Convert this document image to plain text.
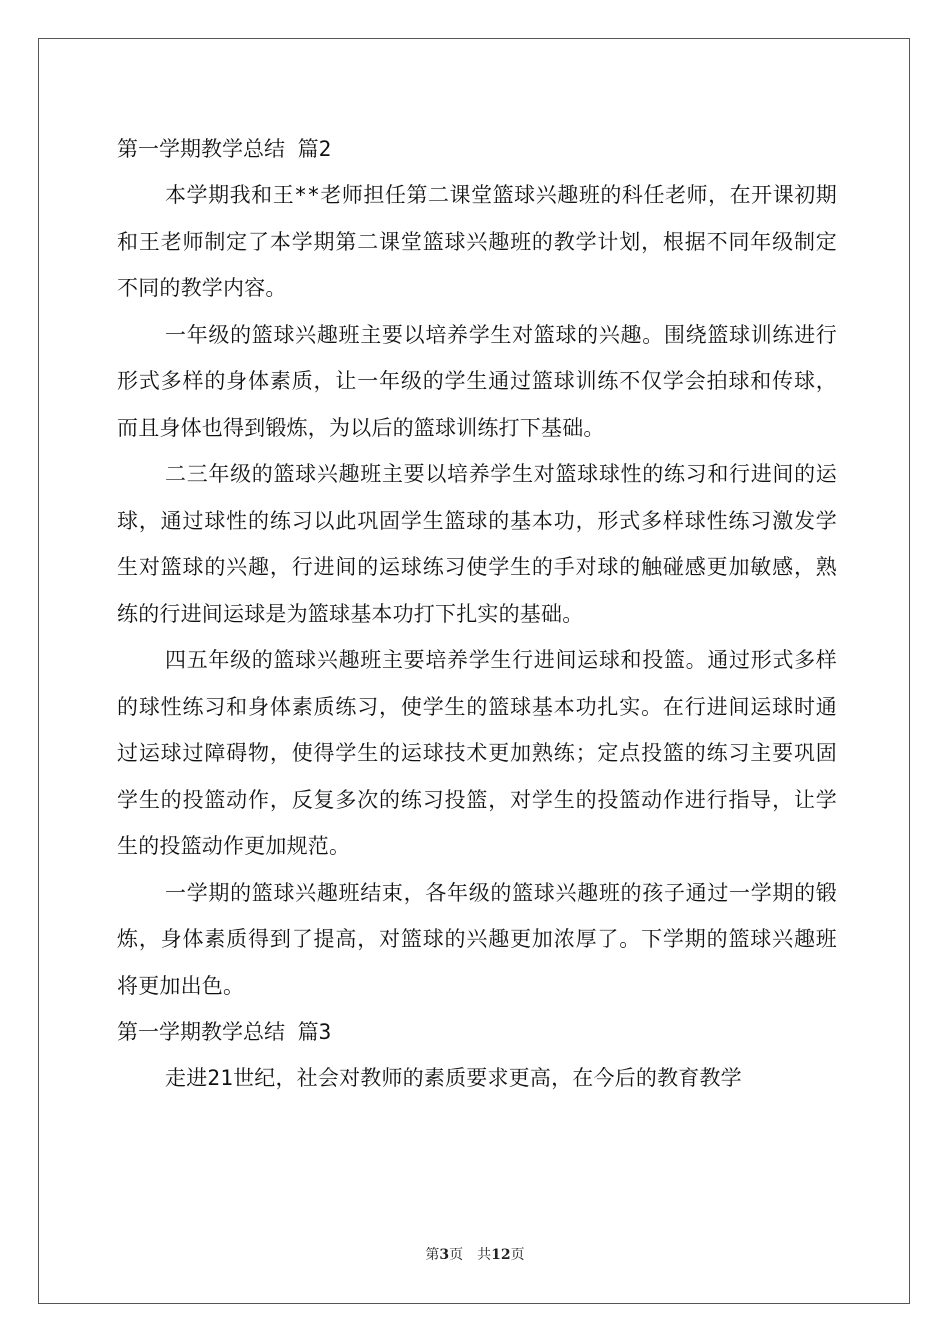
第一学期教学总结 篇2

本学期我和王**老师担任第二课堂篮球兴趣班的科任老师，在开课初期和王老师制定了本学期第二课堂篮球兴趣班的教学计划，根据不同年级制定不同的教学内容。

一年级的篮球兴趣班主要以培养学生对篮球的兴趣。围绕篮球训练进行形式多样的身体素质，让一年级的学生通过篮球训练不仅学会拍球和传球，而且身体也得到锻炼，为以后的篮球训练打下基础。

二三年级的篮球兴趣班主要以培养学生对篮球球性的练习和行进间的运球，通过球性的练习以此巩固学生篮球的基本功，形式多样球性练习激发学生对篮球的兴趣，行进间的运球练习使学生的手对球的触碰感更加敏感，熟练的行进间运球是为篮球基本功打下扎实的基础。

四五年级的篮球兴趣班主要培养学生行进间运球和投篮。通过形式多样的球性练习和身体素质练习，使学生的篮球基本功扎实。在行进间运球时通过运球过障碍物，使得学生的运球技术更加熟练；定点投篮的练习主要巩固学生的投篮动作，反复多次的练习投篮，对学生的投篮动作进行指导，让学生的投篮动作更加规范。

一学期的篮球兴趣班结束，各年级的篮球兴趣班的孩子通过一学期的锻炼，身体素质得到了提高，对篮球的兴趣更加浓厚了。下学期的篮球兴趣班将更加出色。

第一学期教学总结 篇3

走进21世纪，社会对教师的素质要求更高，在今后的教育教学

第3页 共12页
